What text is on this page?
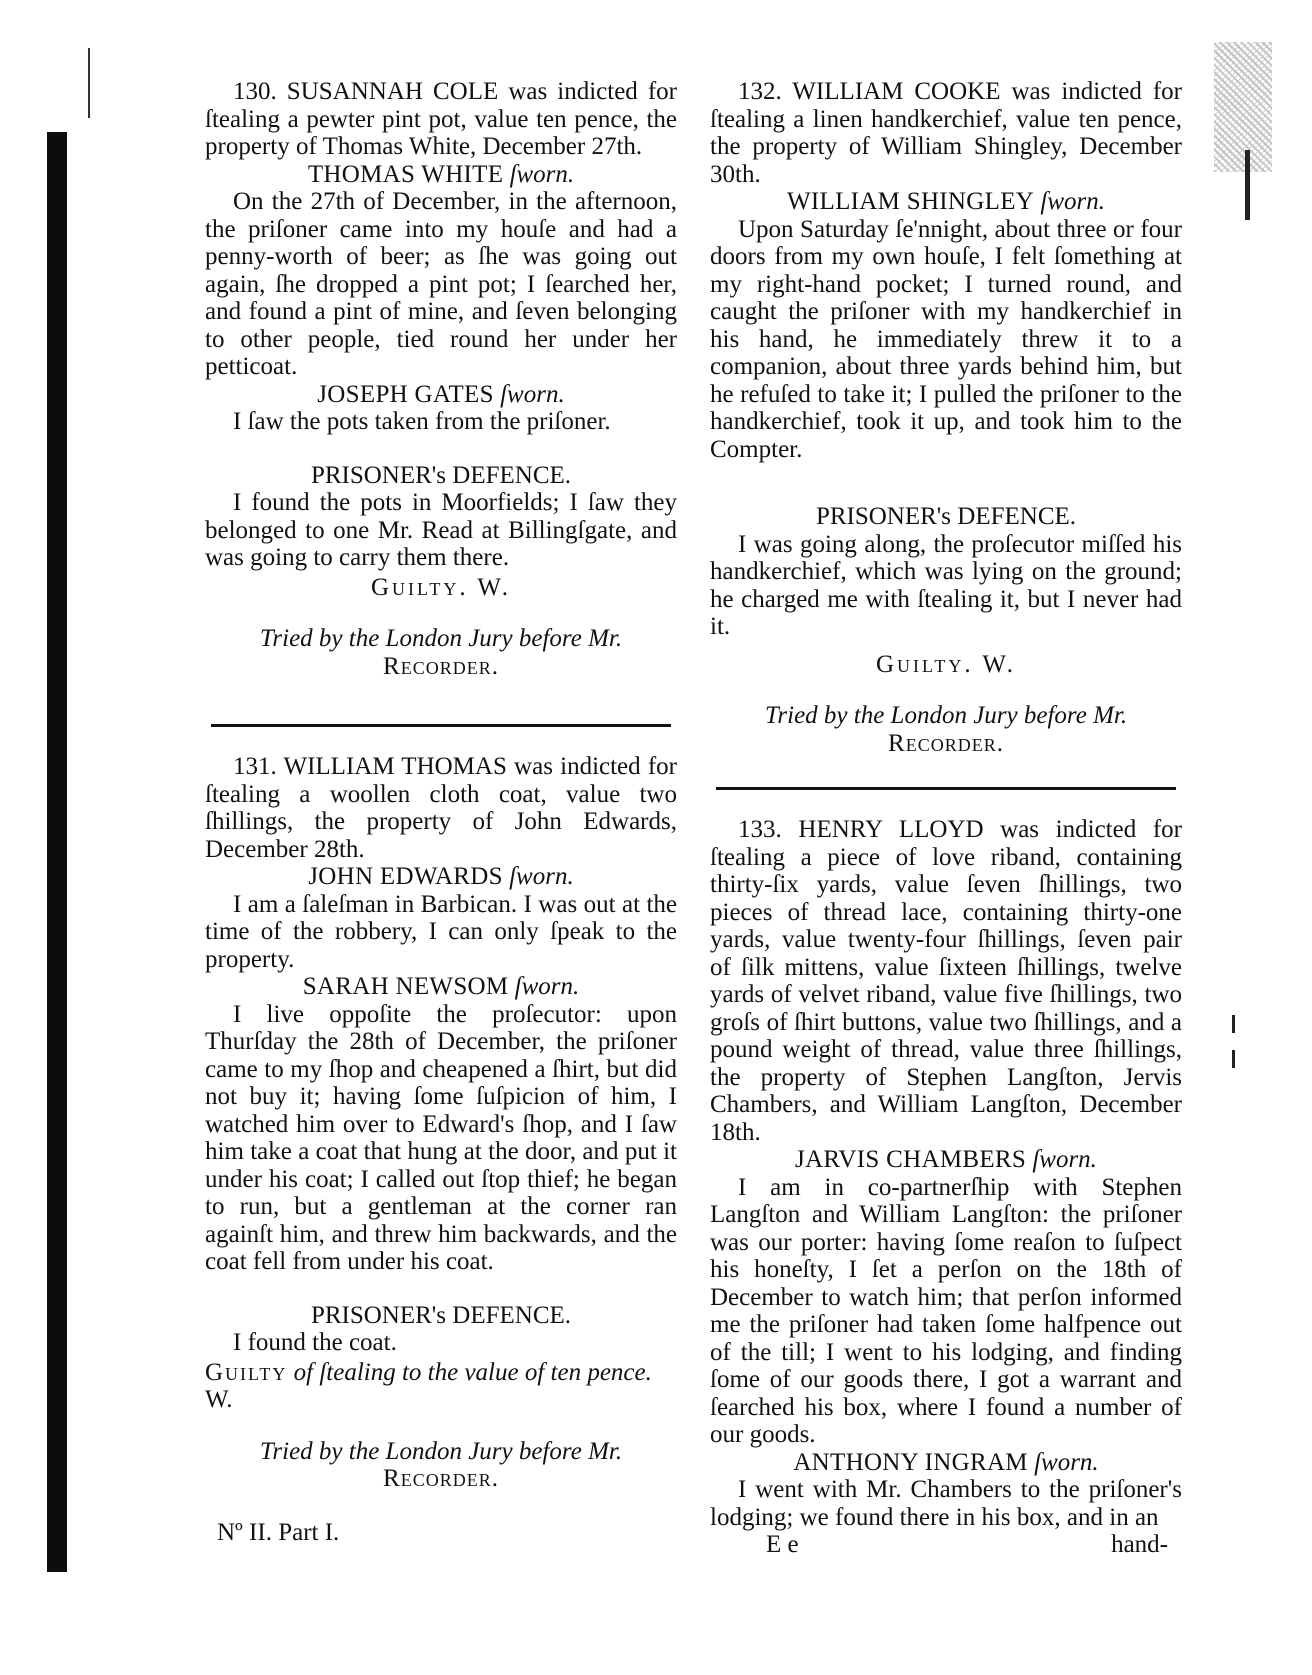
130. SUSANNAH COLE was indicted for ſtealing a pewter pint pot, value ten pence, the property of Thomas White, December 27th.

THOMAS WHITE ſworn.

On the 27th of December, in the afternoon, the priſoner came into my houſe and had a penny-worth of beer; as ſhe was going out again, ſhe dropped a pint pot; I ſearched her, and found a pint of mine, and ſeven belonging to other people, tied round her under her petticoat.

JOSEPH GATES ſworn.

I ſaw the pots taken from the priſoner.

PRISONER's DEFENCE.

I found the pots in Moorfields; I ſaw they belonged to one Mr. Read at Billingſgate, and was going to carry them there.

Guilty. W.
Tried by the London Jury before Mr. Recorder.

131. WILLIAM THOMAS was indicted for ſtealing a woollen cloth coat, value two ſhillings, the property of John Edwards, December 28th.

JOHN EDWARDS ſworn.

I am a ſaleſman in Barbican. I was out at the time of the robbery, I can only ſpeak to the property.

SARAH NEWSOM ſworn.

I live oppoſite the proſecutor: upon Thurſday the 28th of December, the priſoner came to my ſhop and cheapened a ſhirt, but did not buy it; having ſome ſuſpicion of him, I watched him over to Edward's ſhop, and I ſaw him take a coat that hung at the door, and put it under his coat; I called out ſtop thief; he began to run, but a gentleman at the corner ran againſt him, and threw him backwards, and the coat fell from under his coat.

PRISONER's DEFENCE.

I found the coat.

Guilty of ſtealing to the value of ten pence. W.
Tried by the London Jury before Mr. Recorder.
Nº II. Part I.

132. WILLIAM COOKE was indicted for ſtealing a linen handkerchief, value ten pence, the property of William Shingley, December 30th.

WILLIAM SHINGLEY ſworn.

Upon Saturday ſe'nnight, about three or four doors from my own houſe, I felt ſomething at my right-hand pocket; I turned round, and caught the priſoner with my handkerchief in his hand, he immediately threw it to a companion, about three yards behind him, but he refuſed to take it; I pulled the priſoner to the handkerchief, took it up, and took him to the Compter.

PRISONER's DEFENCE.

I was going along, the proſecutor miſſed his handkerchief, which was lying on the ground; he charged me with ſtealing it, but I never had it.

Guilty. W.
Tried by the London Jury before Mr. Recorder.

133. HENRY LLOYD was indicted for ſtealing a piece of love riband, containing thirty-ſix yards, value ſeven ſhillings, two pieces of thread lace, containing thirty-one yards, value twenty-four ſhillings, ſeven pair of ſilk mittens, value ſixteen ſhillings, twelve yards of velvet riband, value five ſhillings, two groſs of ſhirt buttons, value two ſhillings, and a pound weight of thread, value three ſhillings, the property of Stephen Langſton, Jervis Chambers, and William Langſton, December 18th.

JARVIS CHAMBERS ſworn.

I am in co-partnerſhip with Stephen Langſton and William Langſton: the priſoner was our porter: having ſome reaſon to ſuſpect his honeſty, I ſet a perſon on the 18th of December to watch him; that perſon informed me the priſoner had taken ſome halfpence out of the till; I went to his lodging, and finding ſome of our goods there, I got a warrant and ſearched his box, where I found a number of our goods.

ANTHONY INGRAM ſworn.

I went with Mr. Chambers to the priſoner's lodging; we found there in his box, and in an

E e	hand-
